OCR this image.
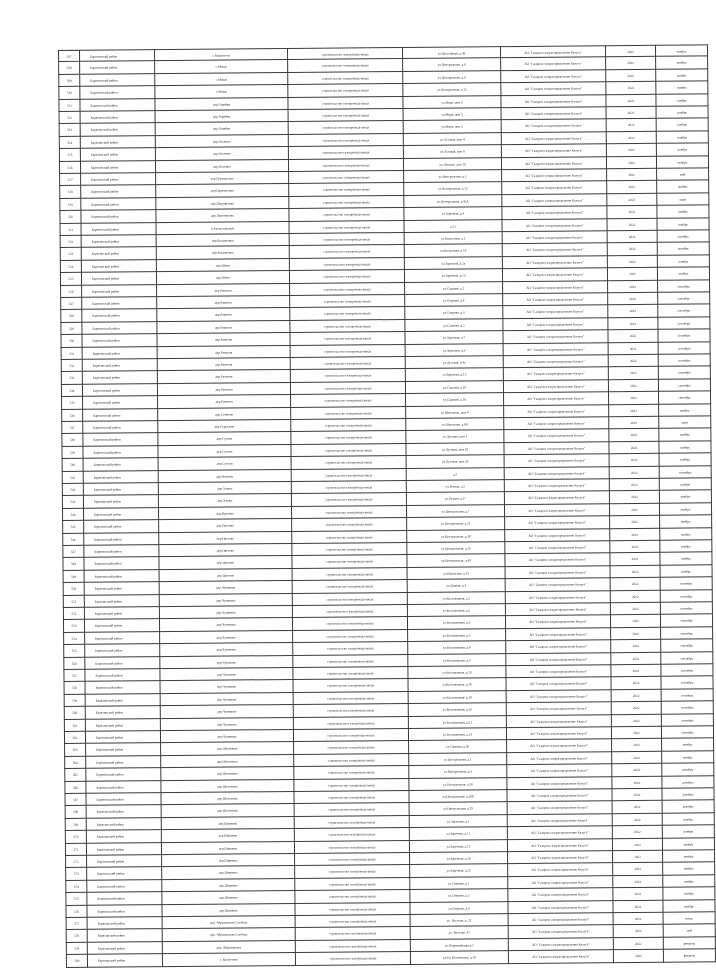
507	Барятинский район	с.Милотичи	строительство газопровода-ввода	ул.Шоссейная, д.49	АО "Газпром газораспределение Калуга"	2022	ноябрь
508	Барятинский район	с.Мощи	строительство газопровода-ввода	ул.Центральная, д.8	АО "Газпром газораспределение Калуга"	2022	ноябрь
509	Барятинский район	с.Мощи	строительство газопровода-ввода	ул.Центральная, д.9	АО "Газпром газораспределение Калуга"	2022	ноябрь
510	Барятинский район	с.Мощи	строительство газопровода-ввода	ул.Центральная, д.12	АО "Газпром газораспределение Калуга"	2022	ноябрь
511	Барятинский район	дер.Горяйки	строительство газопровода-ввода	ул.Мира, дом 6	АО "Газпром газораспределение Калуга"	2022	ноябрь
512	Барятинский район	дер.Горяйки	строительство газопровода-ввода	ул.Мира, дом 5	АО "Газпром газораспределение Калуга"	2022	ноябрь
513	Барятинский район	дер.Горяйки	строительство газопровода-ввода	ул.Мира, дом 3	АО "Газпром газораспределение Калуга"	2022	ноябрь
514	Барятинский район	дер.Отькино	строительство газопровода-ввода	ул.Луговая, дом 4	АО "Газпром газораспределение Калуга"	2022	ноябрь
515	Барятинский район	дер.Отькино	строительство газопровода-ввода	ул.Луговая, дом 8	АО "Газпром газораспределение Калуга"	2022	ноябрь
516	Барятинский район	дер.Отькино	строительство газопровода-ввода	ул.Луговая, дом 10	АО "Газпром газораспределение Калуга"	2022	ноябрь
517	Барятинский район	дер.Перемилово	строительство газопровода-ввода	ул.Центральная, д.2	АО "Газпром газораспределение Калуга"	2022	май
518	Барятинский район	дер.Перемилово	строительство газопровода-ввода	ул.Центральная, д.13	АО "Газпром газораспределение Калуга"	2022	ноябрь
519	Барятинский район	дер.Перемилово	строительство газопровода-ввода	ул.Центральная, д.42А	АО "Газпром газораспределение Калуга"	2022	март
520	Барятинский район	дер.Перемилово	строительство газопровода-ввода	ул.Заречная, д.4	АО "Газпром газораспределение Калуга"	2022	ноябрь
521	Барятинский район	п.Бахмутовский	строительство газопровода-ввода	д.12	АО "Газпром газораспределение Калуга"	2022	ноябрь
522	Барятинский район	дер.Богдановка	строительство газопровода-ввода	ул.Колхозная, д.1	АО "Газпром газораспределение Калуга"	2022	октябрь
523	Барятинский район	дер.Богдановка	строительство газопровода-ввода	ул.Колхозная, д.16	АО "Газпром газораспределение Калуга"	2022	октябрь
524	Барятинский район	дер.Шеин	строительство газопровода-ввода	ул.Заречная, д.5а	АО "Газпром газораспределение Калуга"	2022	ноябрь
525	Барятинский район	дер.Шеин	строительство газопровода-ввода	ул.Заречная, д.13	АО "Газпром газораспределение Калуга"	2022	ноябрь
526	Барятинский район	дер.Ракитня	строительство газопровода-ввода	ул.Садовая, д.1	АО "Газпром газораспределение Калуга"	2022	сентябрь
527	Барятинский район	дер.Ракитня	строительство газопровода-ввода	ул.Озерная, д.4	АО "Газпром газораспределение Калуга"	2022	сентябрь
528	Барятинский район	дер.Ракитня	строительство газопровода-ввода	ул.Озерная, д.3	АО "Газпром газораспределение Калуга"	2022	сентябрь
529	Барятинский район	дер.Ракитня	строительство газопровода-ввода	ул.Садовая, д.5	АО "Газпром газораспределение Калуга"	2022	сентябрь
530	Барятинский район	дер.Ракитня	строительство газопровода-ввода	ул.Заречная, д.7	АО "Газпром газораспределение Калуга"	2022	сентябрь
531	Барятинский район	дер.Ракитня	строительство газопровода-ввода	ул.Заречная, д.9	АО "Газпром газораспределение Калуга"	2022	сентябрь
532	Барятинский район	дер.Ракитня	строительство газопровода-ввода	ул.Луговая, д.4а	АО "Газпром газораспределение Калуга"	2022	сентябрь
533	Барятинский район	дер.Ракитня	строительство газопровода-ввода	ул.Заречная, д.15	АО "Газпром газораспределение Калуга"	2022	сентябрь
534	Барятинский район	дер.Ракитня	строительство газопровода-ввода	ул.Садовая, д.19	АО "Газпром газораспределение Калуга"	2022	сентябрь
535	Барятинский район	дер.Ракитня	строительство газопровода-ввода	ул.Садовая, д.18	АО "Газпром газораспределение Калуга"	2022	сентябрь
536	Барятинский район	дер.Семёнов	строительство газопровода-ввода	ул.Школьная, дом 4	АО "Газпром газораспределение Калуга"	2022	ноябрь
537	Барятинский район	дер.Стрыгино	строительство газопровода-ввода	ул.Школьная, д.8А	АО "Газпром газораспределение Калуга"	2022	март
538	Барятинский район	дер.Сутоки	строительство газопровода-ввода	ул.Луговая, дом 1	АО "Газпром газораспределение Калуга"	2022	ноябрь
539	Барятинский район	дер.Сутоки	строительство газопровода-ввода	ул.Луговая, дом 18	АО "Газпром газораспределение Калуга"	2022	ноябрь
540	Барятинский район	дер.Сутоки	строительство газопровода-ввода	ул.Луговая, дом 26	АО "Газпром газораспределение Калуга"	2022	ноябрь
541	Барятинский район	дер.Фомино	строительство газопровода-ввода	д.5	АО "Газпром газораспределение Калуга"	2022	сентябрь
542	Барятинский район	дер.Хлевы	строительство газопровода-ввода	ул.Речная, д.5	АО "Газпром газораспределение Калуга"	2022	ноябрь
543	Барятинский район	дер.Хлевы	строительство газопровода-ввода	ул.Речная, д.27	АО "Газпром газораспределение Калуга"	2022	ноябрь
544	Барятинский район	дер.Цветово	строительство газопровода-ввода	ул.Центральная, д.7	АО "Газпром газораспределение Калуга"	2022	ноябрь
545	Барятинский район	дер.Цветово	строительство газопровода-ввода	ул.Центральная, д.21	АО "Газпром газораспределение Калуга"	2022	ноябрь
546	Барятинский район	дер.Цветово	строительство газопровода-ввода	ул.Центральная, д.30	АО "Газпром газораспределение Калуга"	2022	ноябрь
547	Барятинский район	дер.Цветово	строительство газопровода-ввода	ул.Центральная, д.35	АО "Газпром газораспределение Калуга"	2022	ноябрь
548	Барятинский район	дер.Цветово	строительство газопровода-ввода	ул.Центральная, д.43	АО "Газпром газораспределение Калуга"	2022	ноябрь
549	Барятинский район	дер.Цветово	строительство газопровода-ввода	ул.Школьная, д.15	АО "Газпром газораспределение Калуга"	2022	ноябрь
550	Барятинский район	дер.Чумаково	строительство газопровода-ввода	ул.Дачная, д.3	АО "Газпром газораспределение Калуга"	2022	сентябрь
551	Барятинский район	дер.Чумаково	строительство газопровода-ввода	ул.Котлованная, д.1	АО "Газпром газораспределение Калуга"	2022	сентябрь
552	Барятинский район	дер.Чумаково	строительство газопровода-ввода	ул.Котлованная, д.2	АО "Газпром газораспределение Калуга"	2022	сентябрь
553	Барятинский район	дер.Чумаково	строительство газопровода-ввода	ул.Котлованная, д.3	АО "Газпром газораспределение Калуга"	2022	сентябрь
554	Барятинский район	дер.Чумаково	строительство газопровода-ввода	ул.Котлованная, д.5	АО "Газпром газораспределение Калуга"	2022	сентябрь
555	Барятинский район	дер.Чумаково	строительство газопровода-ввода	ул.Котлованная, д.6	АО "Газпром газораспределение Калуга"	2022	сентябрь
556	Барятинский район	дер.Чумаково	строительство газопровода-ввода	ул.Котлованная, д.9	АО "Газпром газораспределение Калуга"	2022	сентябрь
557	Барятинский район	дер.Чумаково	строительство газопровода-ввода	ул.Котлованная, д.13	АО "Газпром газораспределение Калуга"	2022	сентябрь
558	Барятинский район	дер.Чумаково	строительство газопровода-ввода	ул.Котлованная, д.18	АО "Газпром газораспределение Калуга"	2022	сентябрь
559	Барятинский район	дер.Чумаково	строительство газопровода-ввода	ул.Котлованная, д.19	АО "Газпром газораспределение Калуга"	2022	сентябрь
560	Барятинский район	дер.Чумаково	строительство газопровода-ввода	ул.Котлованная, д.20	АО "Газпром газораспределение Калуга"	2022	сентябрь
561	Барятинский район	дер.Чумаково	строительство газопровода-ввода	ул.Котлованная, д.21	АО "Газпром газораспределение Калуга"	2022	сентябрь
562	Барятинский район	дер.Чумаково	строительство газопровода-ввода	ул.Котлованная, д.23	АО "Газпром газораспределение Калуга"	2022	сентябрь
563	Барятинский район	дер.Шеломово	строительство газопровода-ввода	ул.Садовая, д.50	АО "Газпром газораспределение Калуга"	2022	ноябрь
564	Барятинский район	дер.Шеломово	строительство газопровода-ввода	ул.Центральная, д.1	АО "Газпром газораспределение Калуга"	2022	ноябрь
565	Барятинский район	дер.Шеломово	строительство газопровода-ввода	ул.Центральная, д.3	АО "Газпром газораспределение Калуга"	2022	декабрь
566	Барятинский район	дер.Шеломово	строительство газопровода-ввода	ул.Центральная, д.18	АО "Газпром газораспределение Калуга"	2022	декабрь
567	Барятинский район	дер.Шеломово	строительство газопровода-ввода	ул.Центральная, д.28Б	АО "Газпром газораспределение Калуга"	2022	декабрь
568	Барятинский район	дер.Шеломово	строительство газопровода-ввода	ул.Центральная, д.19	АО "Газпром газораспределение Калуга"	2022	декабрь
569	Барятинский район	дер.Ширяево	строительство газопровода-ввода	ул.Заречная, д.1	АО "Газпром газораспределение Калуга"	2022	ноябрь
570	Барятинский район	дер.Ширяево	строительство газопровода-ввода	ул.Заречная, д.12	АО "Газпром газораспределение Калуга"	2022	ноябрь
571	Барятинский район	дер.Ширяево	строительство газопровода-ввода	ул.Заречная, д.15	АО "Газпром газораспределение Калуга"	2022	ноябрь
572	Барятинский район	дер.Ширяево	строительство газопровода-ввода	ул.Заречная, д.20	АО "Газпром газораспределение Калуга"	2022	ноябрь
573	Барятинский район	дер.Ширяево	строительство газопровода-ввода	ул.Заречная, д.25	АО "Газпром газораспределение Калуга"	2022	ноябрь
574	Барятинский район	дер.Ширяево	строительство газопровода-ввода	ул.Озерная, д.1	АО "Газпром газораспределение Калуга"	2022	ноябрь
575	Барятинский район	дер.Ширяево	строительство газопровода-ввода	ул.Озерная, д.5	АО "Газпром газораспределение Калуга"	2022	ноябрь
576	Барятинский район	дер.Ширяево	строительство газопровода-ввода	ул.Озерная, д.9	АО "Газпром газораспределение Калуга"	2022	ноябрь
577	Барятинский район	дер. Абрамовская Слобода	строительство газопровода-ввода	ул. Веселая, д. 21	АО "Газпром газораспределение Калуга"	2022	июнь
578	Барятинский район	дер. Абрамовская Слобода	строительство газопровода-ввода	ул. Веселая, 47	АО "Газпром газораспределение Калуга"	2022	май
579	Барятинский район	дер. Абрамовское	строительство газопровода-ввода	ул.Первомайская д.1	АО "Газпром газораспределение Калуга"	2022	февраль
580	Барятинский район	г. Бахмутово	строительство газопровода-ввода	ул.Р.и Волченкова, д.18	АО "Газпром газораспределение Калуга"	2022	февраль
